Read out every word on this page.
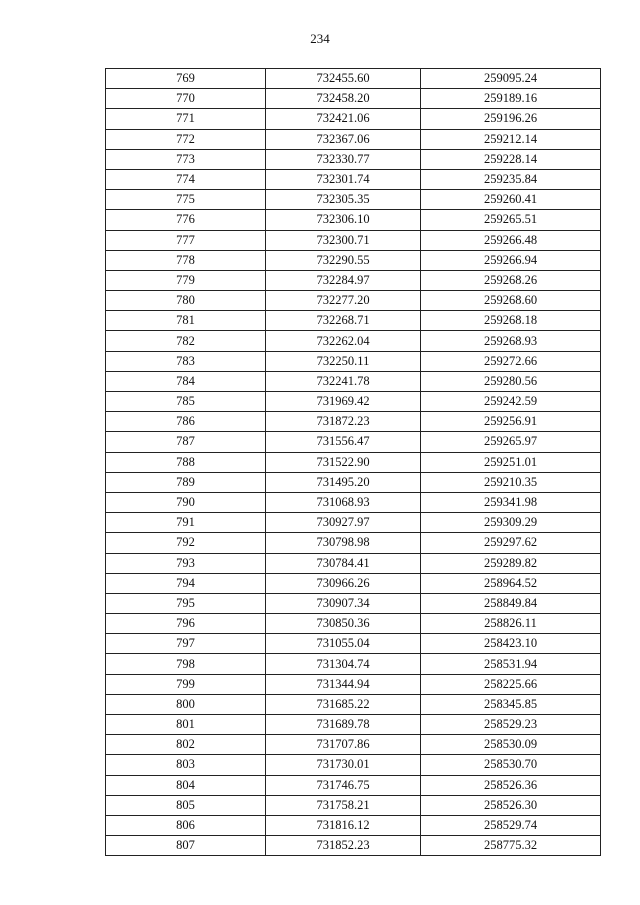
234
769	732455.60	259095.24
770	732458.20	259189.16
771	732421.06	259196.26
772	732367.06	259212.14
773	732330.77	259228.14
774	732301.74	259235.84
775	732305.35	259260.41
776	732306.10	259265.51
777	732300.71	259266.48
778	732290.55	259266.94
779	732284.97	259268.26
780	732277.20	259268.60
781	732268.71	259268.18
782	732262.04	259268.93
783	732250.11	259272.66
784	732241.78	259280.56
785	731969.42	259242.59
786	731872.23	259256.91
787	731556.47	259265.97
788	731522.90	259251.01
789	731495.20	259210.35
790	731068.93	259341.98
791	730927.97	259309.29
792	730798.98	259297.62
793	730784.41	259289.82
794	730966.26	258964.52
795	730907.34	258849.84
796	730850.36	258826.11
797	731055.04	258423.10
798	731304.74	258531.94
799	731344.94	258225.66
800	731685.22	258345.85
801	731689.78	258529.23
802	731707.86	258530.09
803	731730.01	258530.70
804	731746.75	258526.36
805	731758.21	258526.30
806	731816.12	258529.74
807	731852.23	258775.32
